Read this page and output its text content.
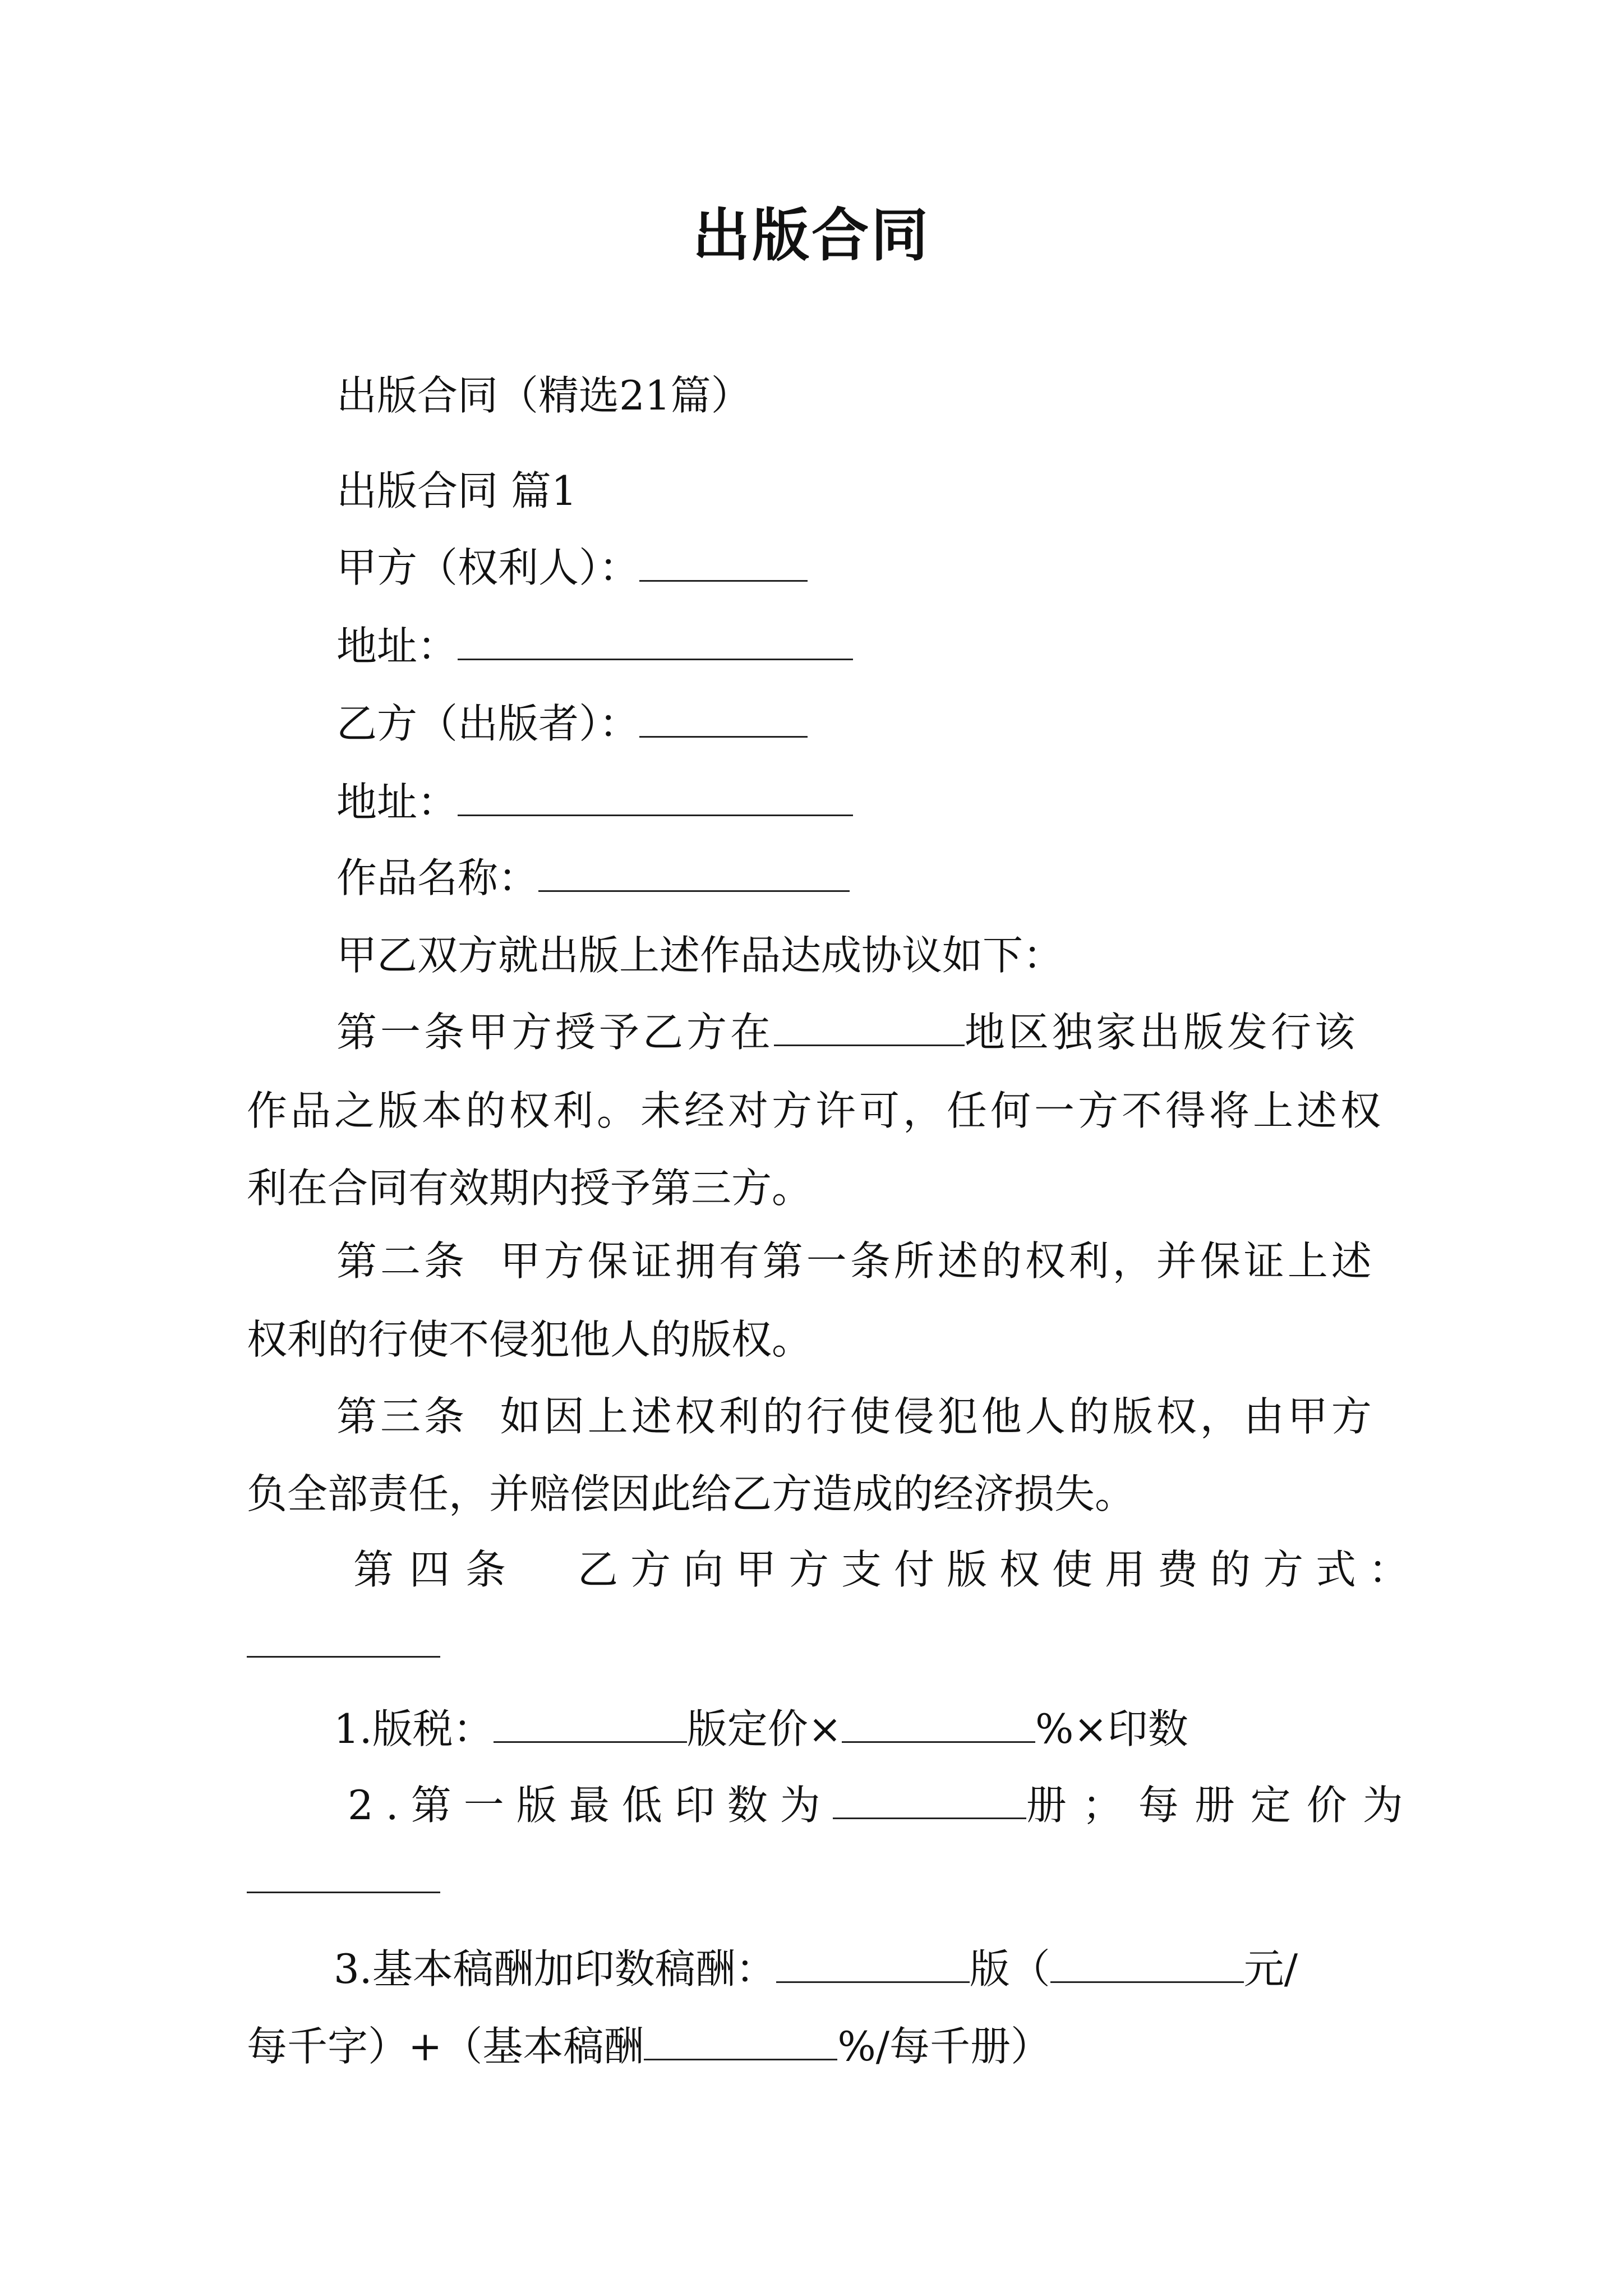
出版合同
出版合同（精选21篇）
出版合同 篇1
甲方（权利人）：
地址：
乙方（出版者）：
地址：
作品名称：
甲乙双方就出版上述作品达成协议如下：
第一条甲方授予乙方在	地区独家出版发行该
作品之版本的权利。未经对方许可，任何一方不得将上述权
利在合同有效期内授予第三方。
第二条  甲方保证拥有第一条所述的权利，并保证上述
权利的行使不侵犯他人的版权。
第三条  如因上述权利的行使侵犯他人的版权，由甲方
负全部责任，并赔偿因此给乙方造成的经济损失。
第四条 乙方向甲方支付版权使用费的方式：
1.版税：	版定价×	%×印数
2.第一版最低印数为	册；每册定价为
3.基本稿酬加印数稿酬：	版（	元/
每千字）+（基本稿酬	%/每千册）
